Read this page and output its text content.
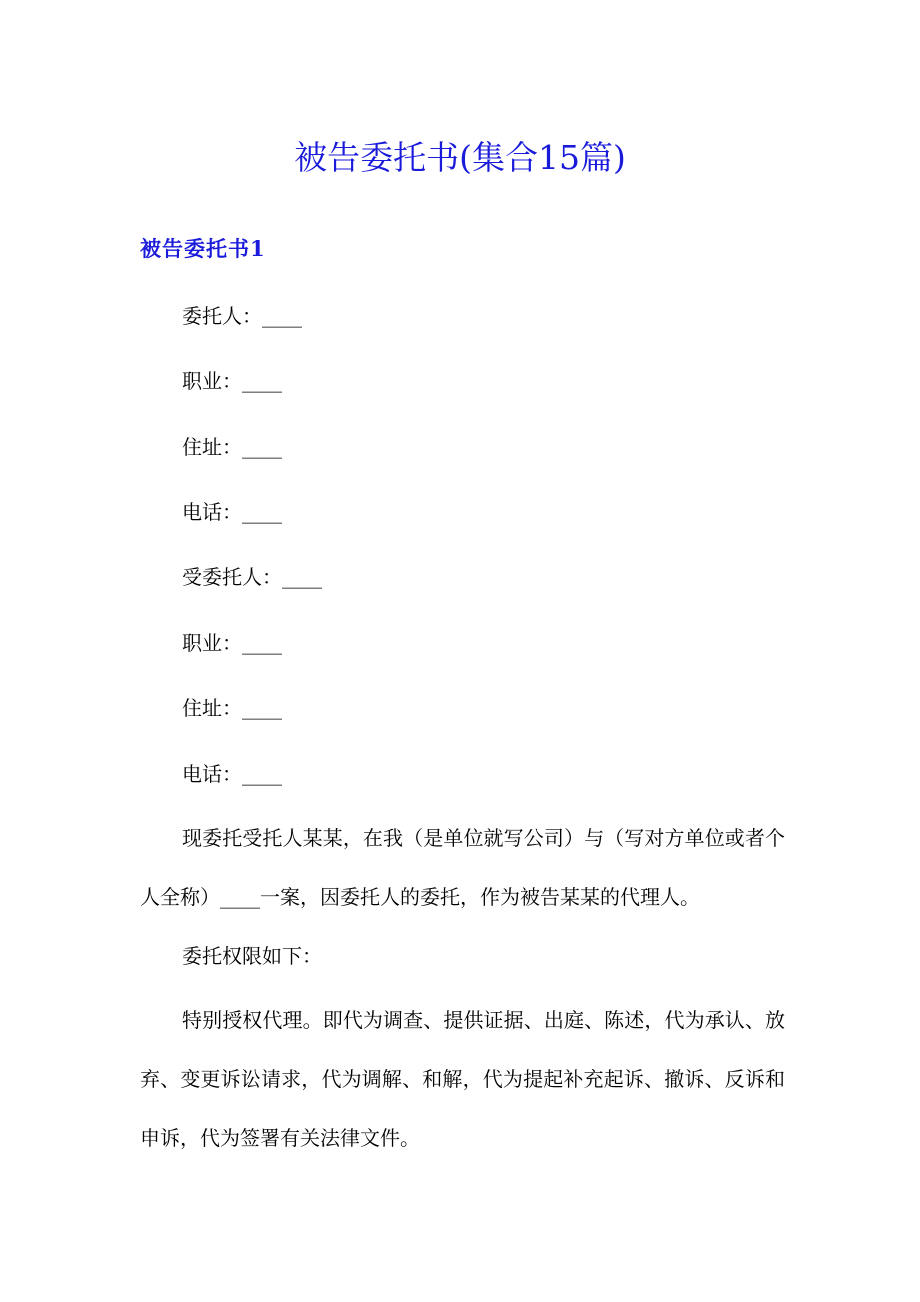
被告委托书(集合15篇)
被告委托书1
委托人：____
职业：____
住址：____
电话：____
受委托人：____
职业：____
住址：____
电话：____
现委托受托人某某，在我（是单位就写公司）与（写对方单位或者个人全称）____一案，因委托人的委托，作为被告某某的代理人。
委托权限如下：
特别授权代理。即代为调查、提供证据、出庭、陈述，代为承认、放弃、变更诉讼请求，代为调解、和解，代为提起补充起诉、撤诉、反诉和申诉，代为签署有关法律文件。
